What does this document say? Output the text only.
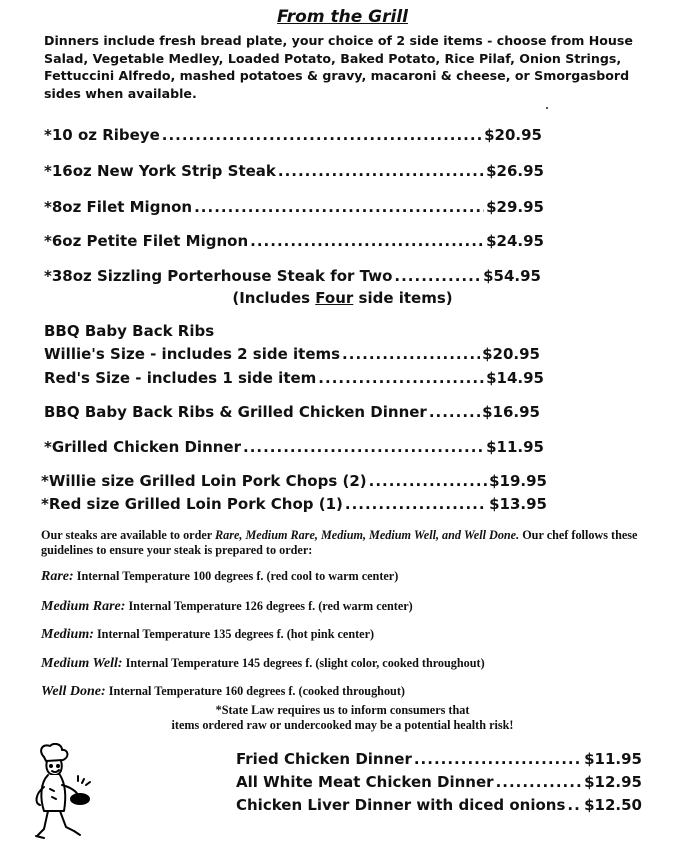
From the Grill
Dinners include fresh bread plate, your choice of 2 side items - choose from House Salad, Vegetable Medley, Loaded Potato, Baked Potato, Rice Pilaf, Onion Strings, Fettuccini Alfredo, mashed potatoes & gravy, macaroni & cheese, or Smorgasbord sides when available.
*10 oz Ribeye .....	$20.95
*16oz New York Strip Steak .....	$26.95
*8oz Filet Mignon .....	$29.95
*6oz Petite Filet Mignon .....	$24.95
*38oz Sizzling Porterhouse Steak for Two .....	$54.95
(Includes Four side items)
BBQ Baby Back Ribs
Willie's Size - includes 2 side items .....	$20.95
Red's Size - includes 1 side item .....	$14.95
BBQ Baby Back Ribs & Grilled Chicken Dinner .....	$16.95
*Grilled Chicken Dinner .....	$11.95
*Willie size Grilled Loin Pork Chops (2) .....	$19.95
*Red size Grilled Loin Pork Chop (1) .....	$13.95
Our steaks are available to order Rare, Medium Rare, Medium, Medium Well, and Well Done. Our chef follows these guidelines to ensure your steak is prepared to order:
Rare: Internal Temperature 100 degrees f. (red cool to warm center)
Medium Rare: Internal Temperature 126 degrees f. (red warm center)
Medium: Internal Temperature 135 degrees f. (hot pink center)
Medium Well: Internal Temperature 145 degrees f. (slight color, cooked throughout)
Well Done: Internal Temperature 160 degrees f. (cooked throughout)
*State Law requires us to inform consumers that
items ordered raw or undercooked may be a potential health risk!
Fried Chicken Dinner .....	$11.95
All White Meat Chicken Dinner .....	$12.95
Chicken Liver Dinner with diced onions ..... $12.50
